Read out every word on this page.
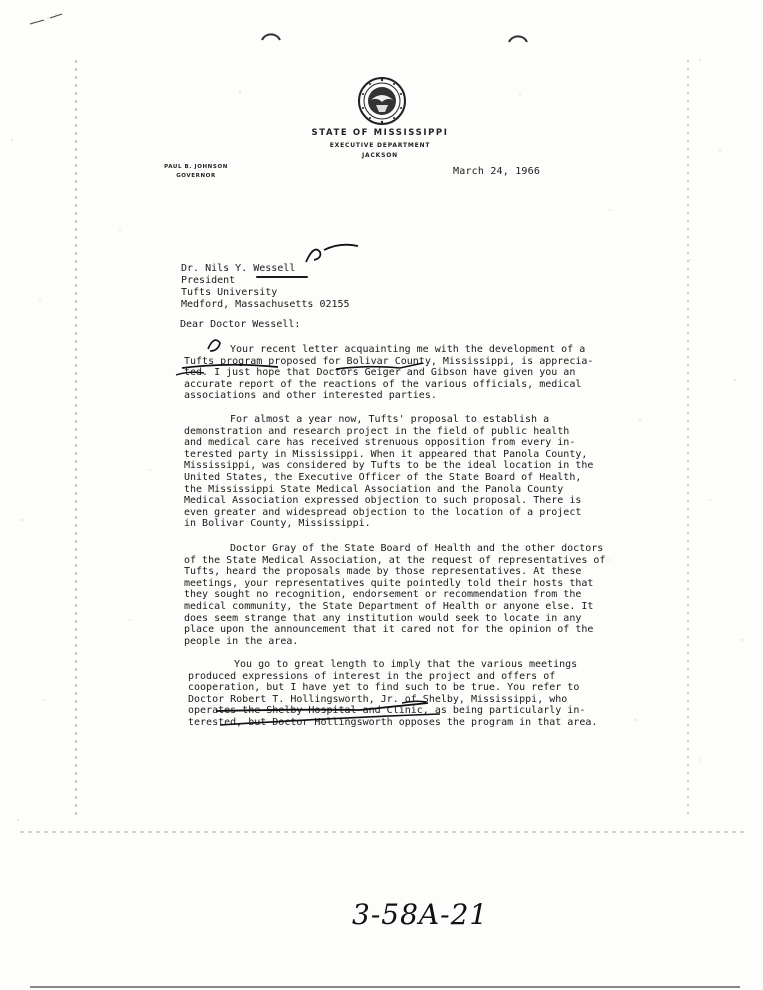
STATE OF MISSISSIPPI
EXECUTIVE DEPARTMENT
JACKSON
PAUL B. JOHNSON
GOVERNOR	March 24, 1966
Dr. Nils Y. Wessell
President
Tufts University
Medford, Massachusetts 02155
Dear Doctor Wessell:
Your recent letter acquainting me with the development of a
Tufts program proposed for Bolivar County, Mississippi, is apprecia-
ted. I just hope that Doctors Geiger and Gibson have given you an
accurate report of the reactions of the various officials, medical
associations and other interested parties.
For almost a year now, Tufts' proposal to establish a
demonstration and research project in the field of public health
and medical care has received strenuous opposition from every in-
terested party in Mississippi. When it appeared that Panola County,
Mississippi, was considered by Tufts to be the ideal location in the
United States, the Executive Officer of the State Board of Health,
the Mississippi State Medical Association and the Panola County
Medical Association expressed objection to such proposal. There is
even greater and widespread objection to the location of a project
in Bolivar County, Mississippi.
Doctor Gray of the State Board of Health and the other doctors
of the State Medical Association, at the request of representatives of
Tufts, heard the proposals made by those representatives. At these
meetings, your representatives quite pointedly told their hosts that
they sought no recognition, endorsement or recommendation from the
medical community, the State Department of Health or anyone else. It
does seem strange that any institution would seek to locate in any
place upon the announcement that it cared not for the opinion of the
people in the area.
You go to great length to imply that the various meetings
produced expressions of interest in the project and offers of
cooperation, but I have yet to find such to be true. You refer to
Doctor Robert T. Hollingsworth, Jr. of Shelby, Mississippi, who
operates the Shelby Hospital and Clinic, as being particularly in-
terested, but Doctor Hollingsworth opposes the program in that area.
3-58A-21
